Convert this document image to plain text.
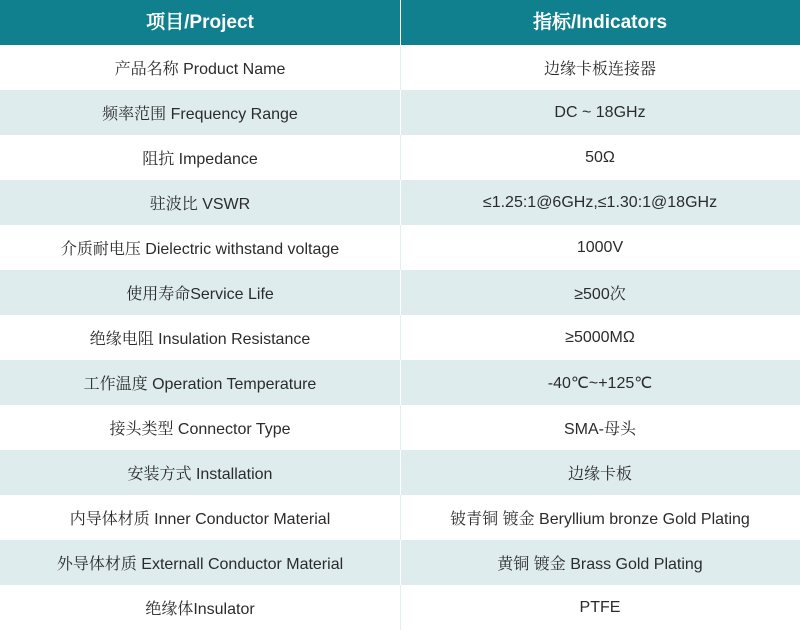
项目/Project	指标/Indicators
产品名称 Product Name	边缘卡板连接器
频率范围 Frequency Range	DC ~ 18GHz
阻抗 Impedance	50Ω
驻波比 VSWR	≤1.25:1@6GHz,≤1.30:1@18GHz
介质耐电压 Dielectric withstand voltage	1000V
使用寿命Service Life	≥500次
绝缘电阻 Insulation Resistance	≥5000MΩ
工作温度 Operation Temperature	-40℃~+125℃
接头类型 Connector Type	SMA-母头
安装方式 Installation	边缘卡板
内导体材质 Inner Conductor Material	铍青铜 镀金 Beryllium bronze Gold Plating
外导体材质 Externall Conductor Material	黄铜 镀金 Brass Gold Plating
绝缘体Insulator	PTFE
